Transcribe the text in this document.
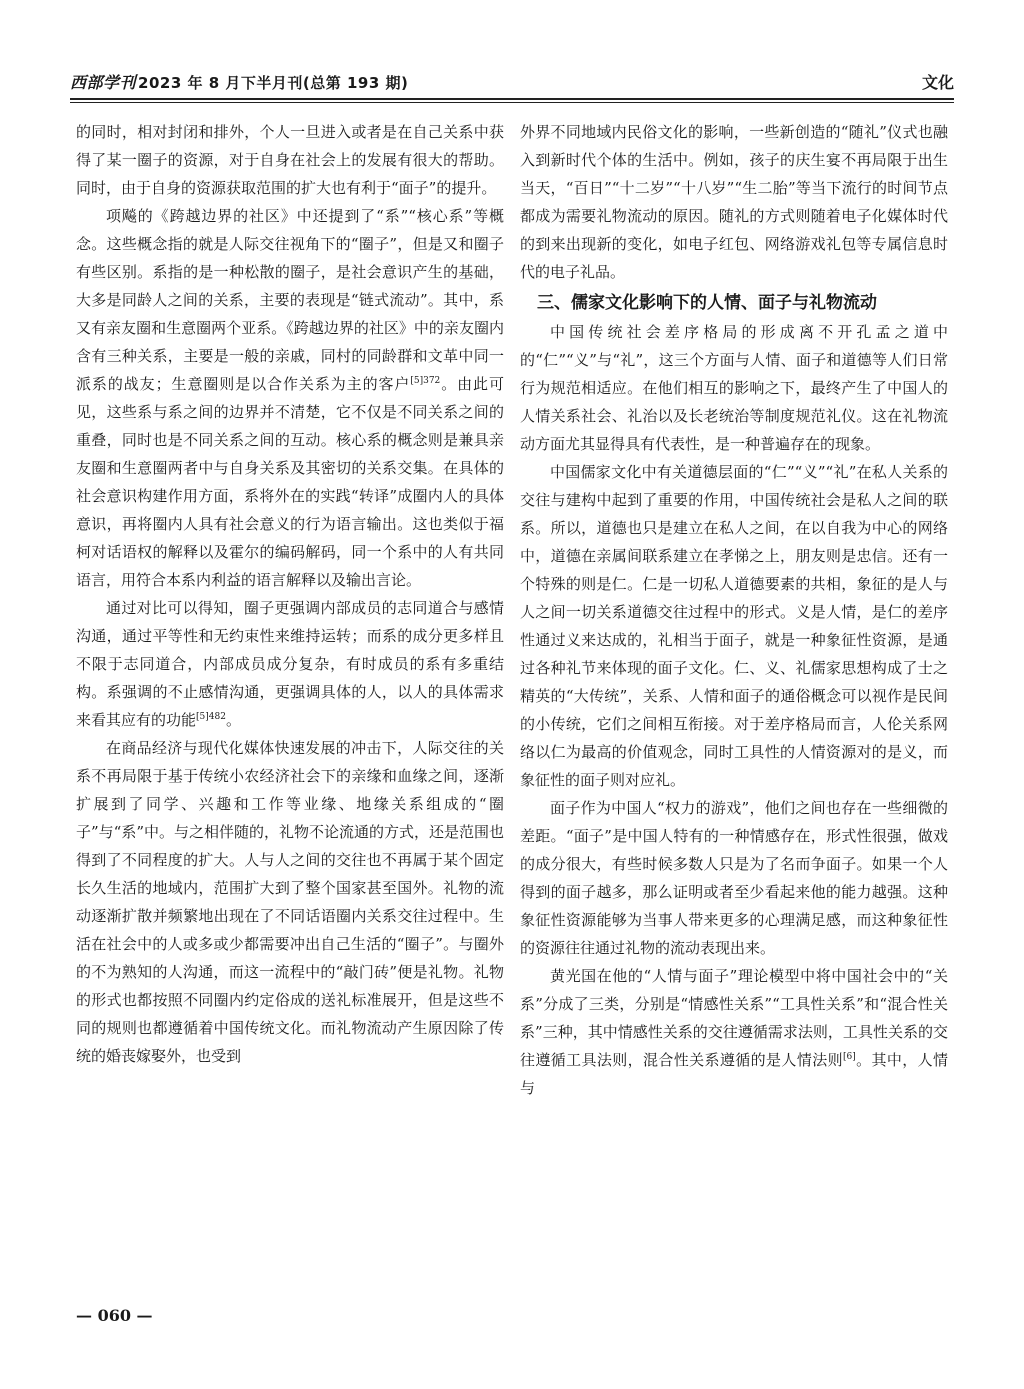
西部学刊 2023 年 8 月下半月刊(总第 193 期)	文化

的同时，相对封闭和排外，个人一旦进入或者是在自己关系中获得了某一圈子的资源，对于自身在社会上的发展有很大的帮助。同时，由于自身的资源获取范围的扩大也有利于“面子”的提升。

项飚的《跨越边界的社区》中还提到了“系”“核心系”等概念。这些概念指的就是人际交往视角下的“圈子”，但是又和圈子有些区别。系指的是一种松散的圈子，是社会意识产生的基础，大多是同龄人之间的关系，主要的表现是“链式流动”。其中，系又有亲友圈和生意圈两个亚系。《跨越边界的社区》中的亲友圈内含有三种关系，主要是一般的亲戚，同村的同龄群和文革中同一派系的战友；生意圈则是以合作关系为主的客户$^{[5]372}$。由此可见，这些系与系之间的边界并不清楚，它不仅是不同关系之间的重叠，同时也是不同关系之间的互动。核心系的概念则是兼具亲友圈和生意圈两者中与自身关系及其密切的关系交集。在具体的社会意识构建作用方面，系将外在的实践“转译”成圈内人的具体意识，再将圈内人具有社会意义的行为语言输出。这也类似于福柯对话语权的解释以及霍尔的编码解码，同一个系中的人有共同语言，用符合本系内利益的语言解释以及输出言论。

通过对比可以得知，圈子更强调内部成员的志同道合与感情沟通，通过平等性和无约束性来维持运转；而系的成分更多样且不限于志同道合，内部成员成分复杂，有时成员的系有多重结构。系强调的不止感情沟通，更强调具体的人，以人的具体需求来看其应有的功能$^{[5]482}$。

在商品经济与现代化媒体快速发展的冲击下，人际交往的关系不再局限于基于传统小农经济社会下的亲缘和血缘之间，逐渐扩展到了同学、兴趣和工作等业缘、地缘关系组成的“圈子”与“系”中。与之相伴随的，礼物不论流通的方式，还是范围也得到了不同程度的扩大。人与人之间的交往也不再属于某个固定长久生活的地域内，范围扩大到了整个国家甚至国外。礼物的流动逐渐扩散并频繁地出现在了不同话语圈内关系交往过程中。生活在社会中的人或多或少都需要冲出自己生活的“圈子”。与圈外的不为熟知的人沟通，而这一流程中的“敲门砖”便是礼物。礼物的形式也都按照不同圈内约定俗成的送礼标准展开，但是这些不同的规则也都遵循着中国传统文化。而礼物流动产生原因除了传统的婚丧嫁娶外，也受到

外界不同地域内民俗文化的影响，一些新创造的“随礼”仪式也融入到新时代个体的生活中。例如，孩子的庆生宴不再局限于出生当天，“百日”“十二岁”“十八岁”“生二胎”等当下流行的时间节点都成为需要礼物流动的原因。随礼的方式则随着电子化媒体时代的到来出现新的变化，如电子红包、网络游戏礼包等专属信息时代的电子礼品。

三、儒家文化影响下的人情、面子与礼物流动

中国传统社会差序格局的形成离不开孔孟之道中的“仁”“义”与“礼”，这三个方面与人情、面子和道德等人们日常行为规范相适应。在他们相互的影响之下，最终产生了中国人的人情关系社会、礼治以及长老统治等制度规范礼仪。这在礼物流动方面尤其显得具有代表性，是一种普遍存在的现象。

中国儒家文化中有关道德层面的“仁”“义”“礼”在私人关系的交往与建构中起到了重要的作用，中国传统社会是私人之间的联系。所以，道德也只是建立在私人之间，在以自我为中心的网络中，道德在亲属间联系建立在孝悌之上，朋友则是忠信。还有一个特殊的则是仁。仁是一切私人道德要素的共相，象征的是人与人之间一切关系道德交往过程中的形式。义是人情，是仁的差序性通过义来达成的，礼相当于面子，就是一种象征性资源，是通过各种礼节来体现的面子文化。仁、义、礼儒家思想构成了士之精英的“大传统”，关系、人情和面子的通俗概念可以视作是民间的小传统，它们之间相互衔接。对于差序格局而言，人伦关系网络以仁为最高的价值观念，同时工具性的人情资源对的是义，而象征性的面子则对应礼。

面子作为中国人“权力的游戏”，他们之间也存在一些细微的差距。“面子”是中国人特有的一种情感存在，形式性很强，做戏的成分很大，有些时候多数人只是为了名而争面子。如果一个人得到的面子越多，那么证明或者至少看起来他的能力越强。这种象征性资源能够为当事人带来更多的心理满足感，而这种象征性的资源往往通过礼物的流动表现出来。

黄光国在他的“人情与面子”理论模型中将中国社会中的“关系”分成了三类，分别是“情感性关系”“工具性关系”和“混合性关系”三种，其中情感性关系的交往遵循需求法则，工具性关系的交往遵循工具法则，混合性关系遵循的是人情法则[6]。其中，人情与

— 060 —
